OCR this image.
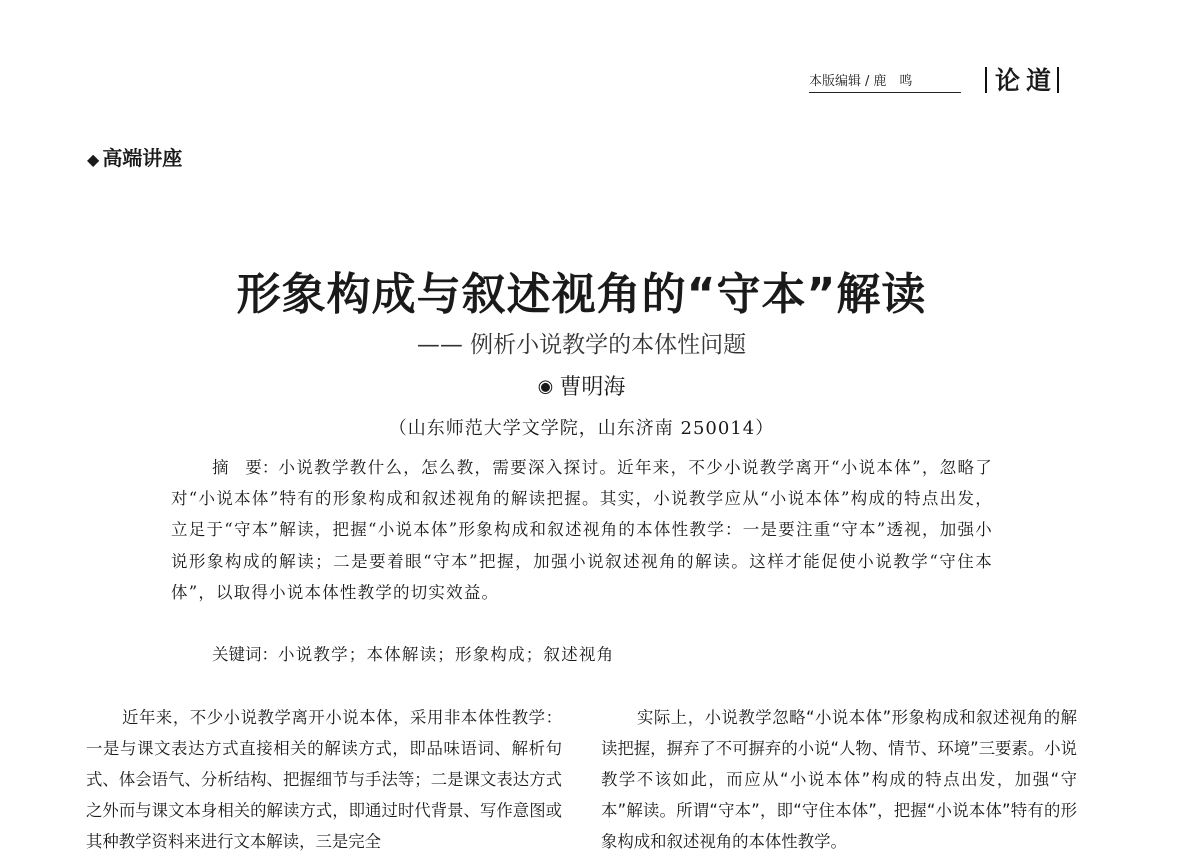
本版编辑 / 鹿　鸣	论道
◆ 高端讲座
形象构成与叙述视角的“守本”解读
—— 例析小说教学的本体性问题
◉ 曹明海
（山东师范大学文学院，山东济南 250014）
摘　要：小说教学教什么，怎么教，需要深入探讨。近年来，不少小说教学离开“小说本体”，忽略了对“小说本体”特有的形象构成和叙述视角的解读把握。其实，小说教学应从“小说本体”构成的特点出发，立足于“守本”解读，把握“小说本体”形象构成和叙述视角的本体性教学：一是要注重“守本”透视，加强小说形象构成的解读；二是要着眼“守本”把握，加强小说叙述视角的解读。这样才能促使小说教学“守住本体”，以取得小说本体性教学的切实效益。
关键词：小说教学；本体解读；形象构成；叙述视角
近年来，不少小说教学离开小说本体，采用非本体性教学：一是与课文表达方式直接相关的解读方式，即品味语词、解析句式、体会语气、分析结构、把握细节与手法等；二是课文表达方式之外而与课文本身相关的解读方式，即通过时代背景、写作意图或其种教学资料来进行文本解读，三是完全
实际上，小说教学忽略“小说本体”形象构成和叙述视角的解读把握，摒弃了不可摒弃的小说“人物、情节、环境”三要素。小说教学不该如此，而应从“小说本体”构成的特点出发，加强“守本”解读。所谓“守本”，即“守住本体”，把握“小说本体”特有的形象构成和叙述视角的本体性教学。
